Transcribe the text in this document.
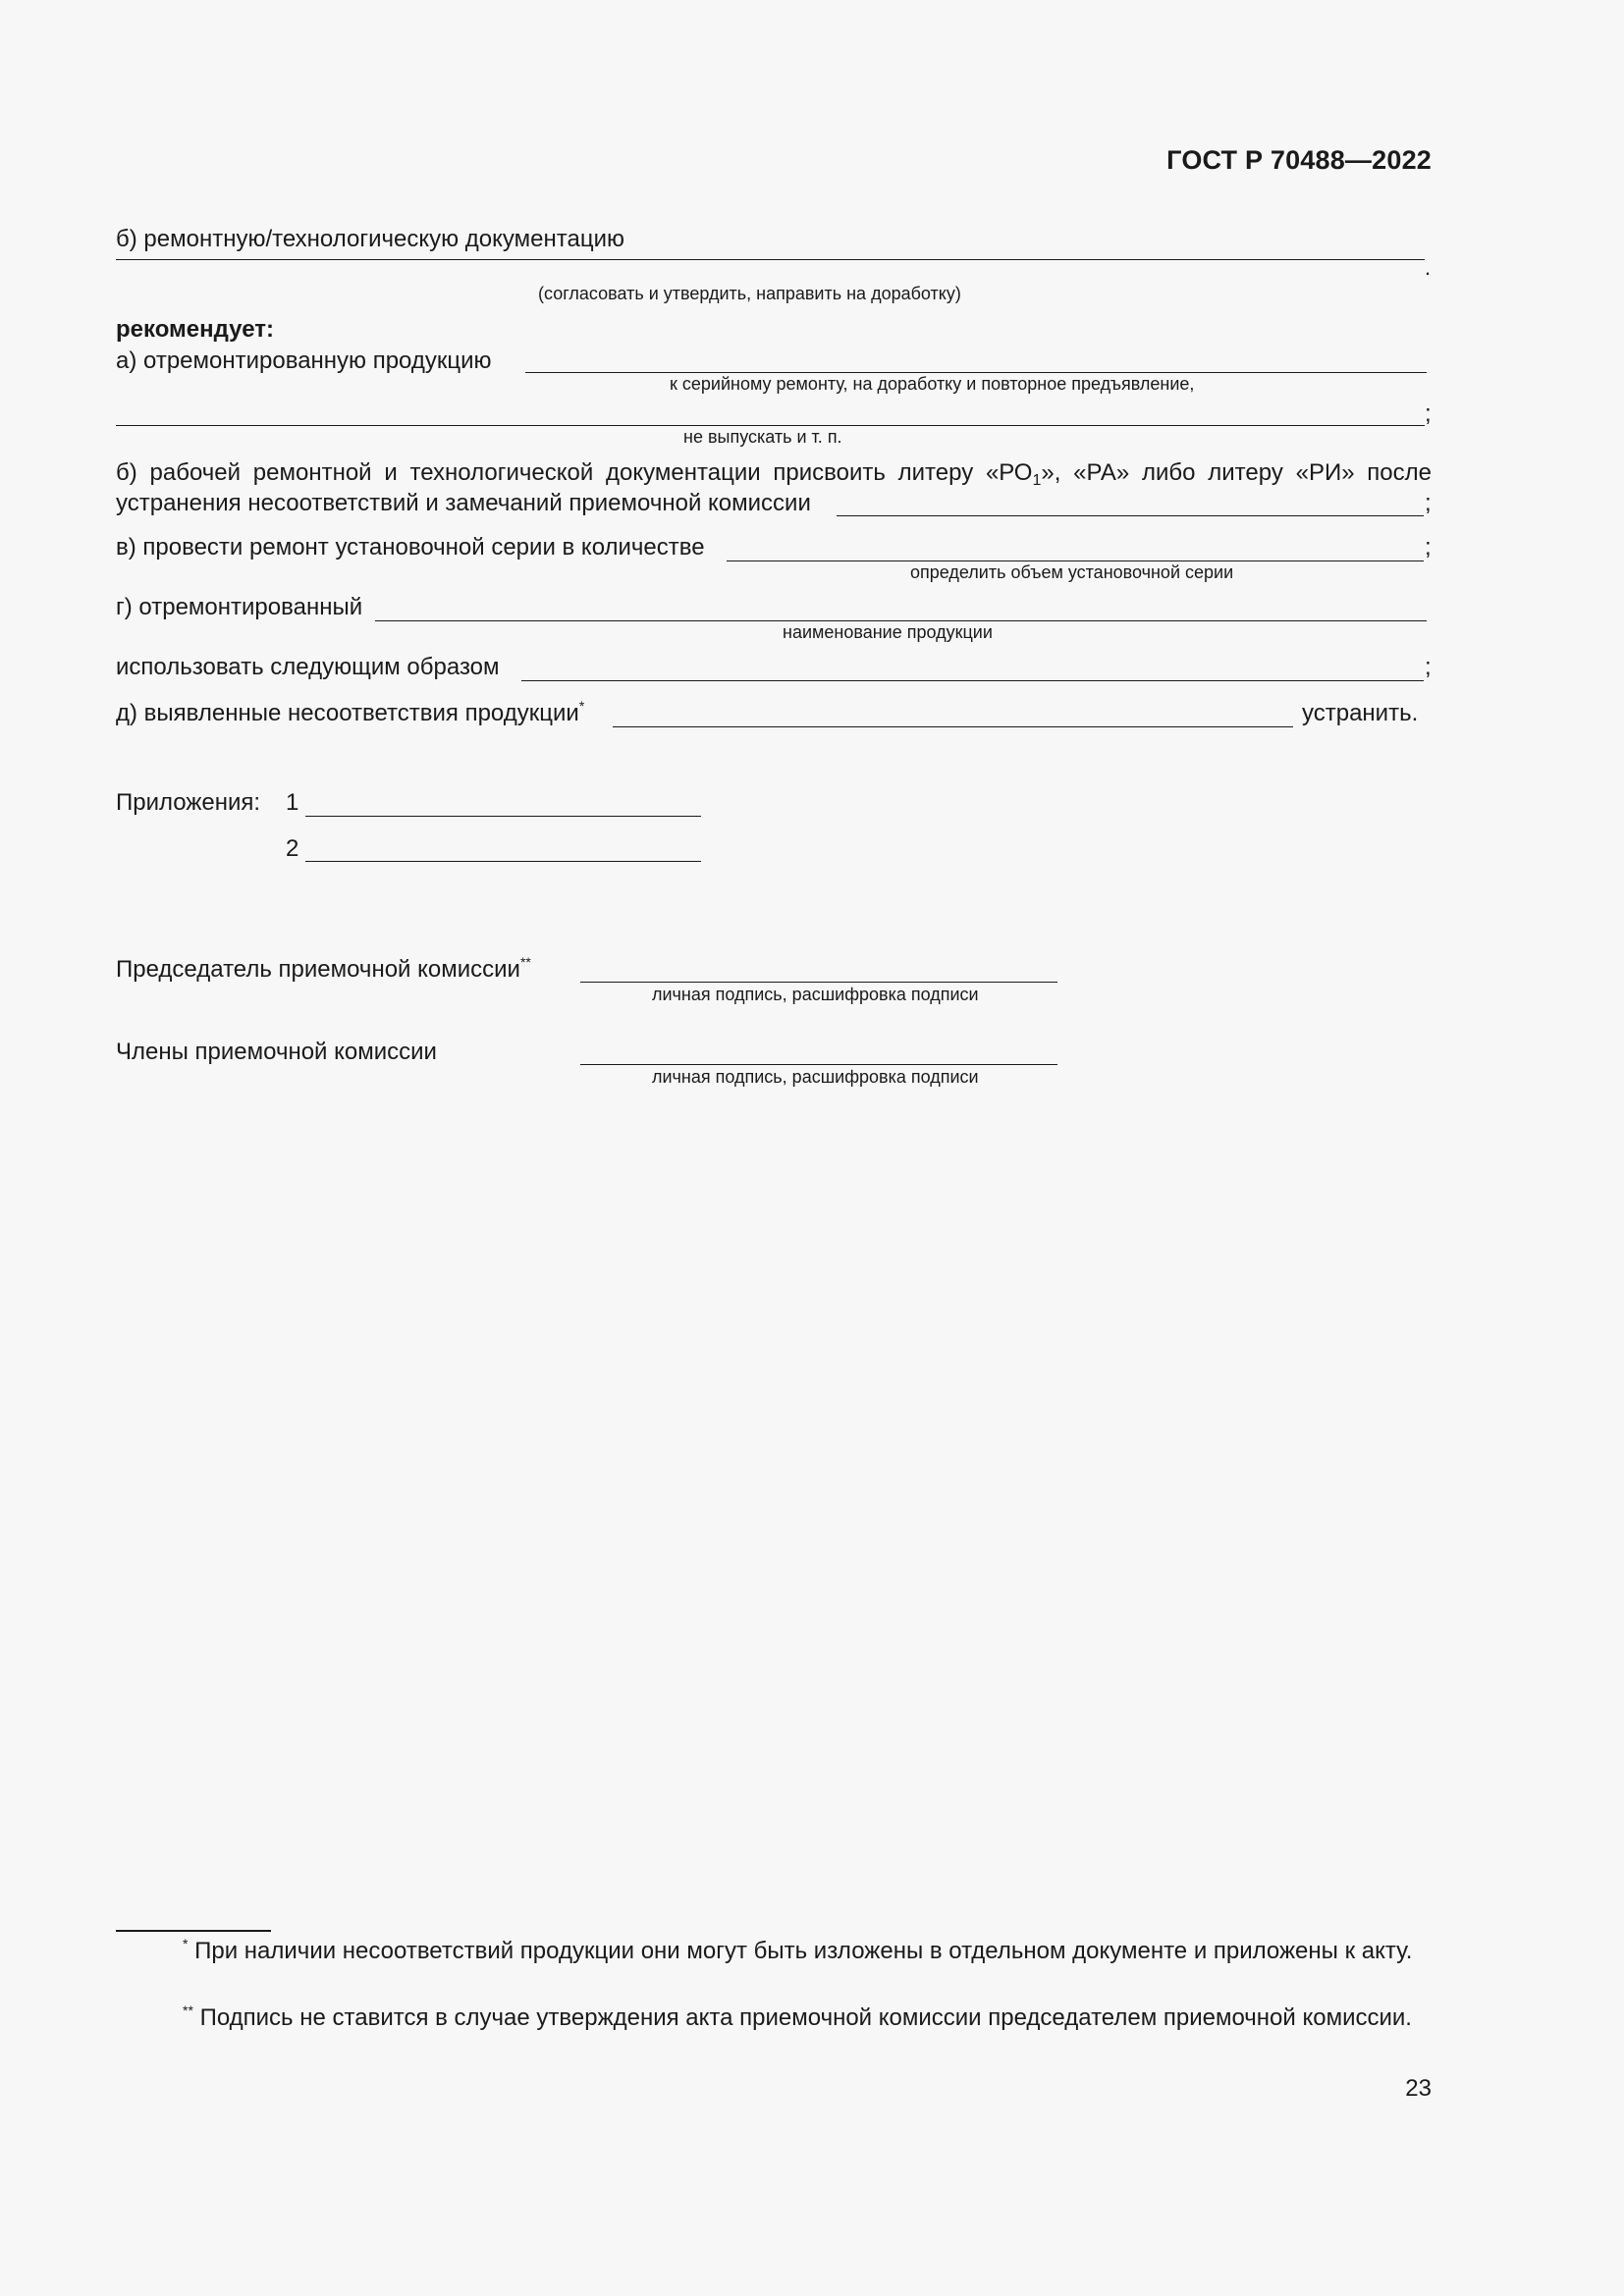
ГОСТ Р 70488—2022
б) ремонтную/технологическую документацию
.
(согласовать и утвердить, направить на доработку)
рекомендует:
а) отремонтированную продукцию
к серийному ремонту, на доработку и повторное предъявление,
;
не выпускать и т. п.
б) рабочей ремонтной и технологической документации присвоить литеру «$РО_1$», «РА» либо литеру «РИ» после
устранения несоответствий и замечаний приемочной комиссии	;
в) провести ремонт установочной серии в количестве	;
определить объем установочной серии
г) отремонтированный
наименование продукции
использовать следующим образом	;
д) выявленные несоответствия продукции*	устранить.
Приложения: 1
2
Председатель приемочной комиссии**
личная подпись, расшифровка подписи
Члены приемочной комиссии
личная подпись, расшифровка подписи
* При наличии несоответствий продукции они могут быть изложены в отдельном документе и приложены к акту.
** Подпись не ставится в случае утверждения акта приемочной комиссии председателем приемочной комиссии.
23
